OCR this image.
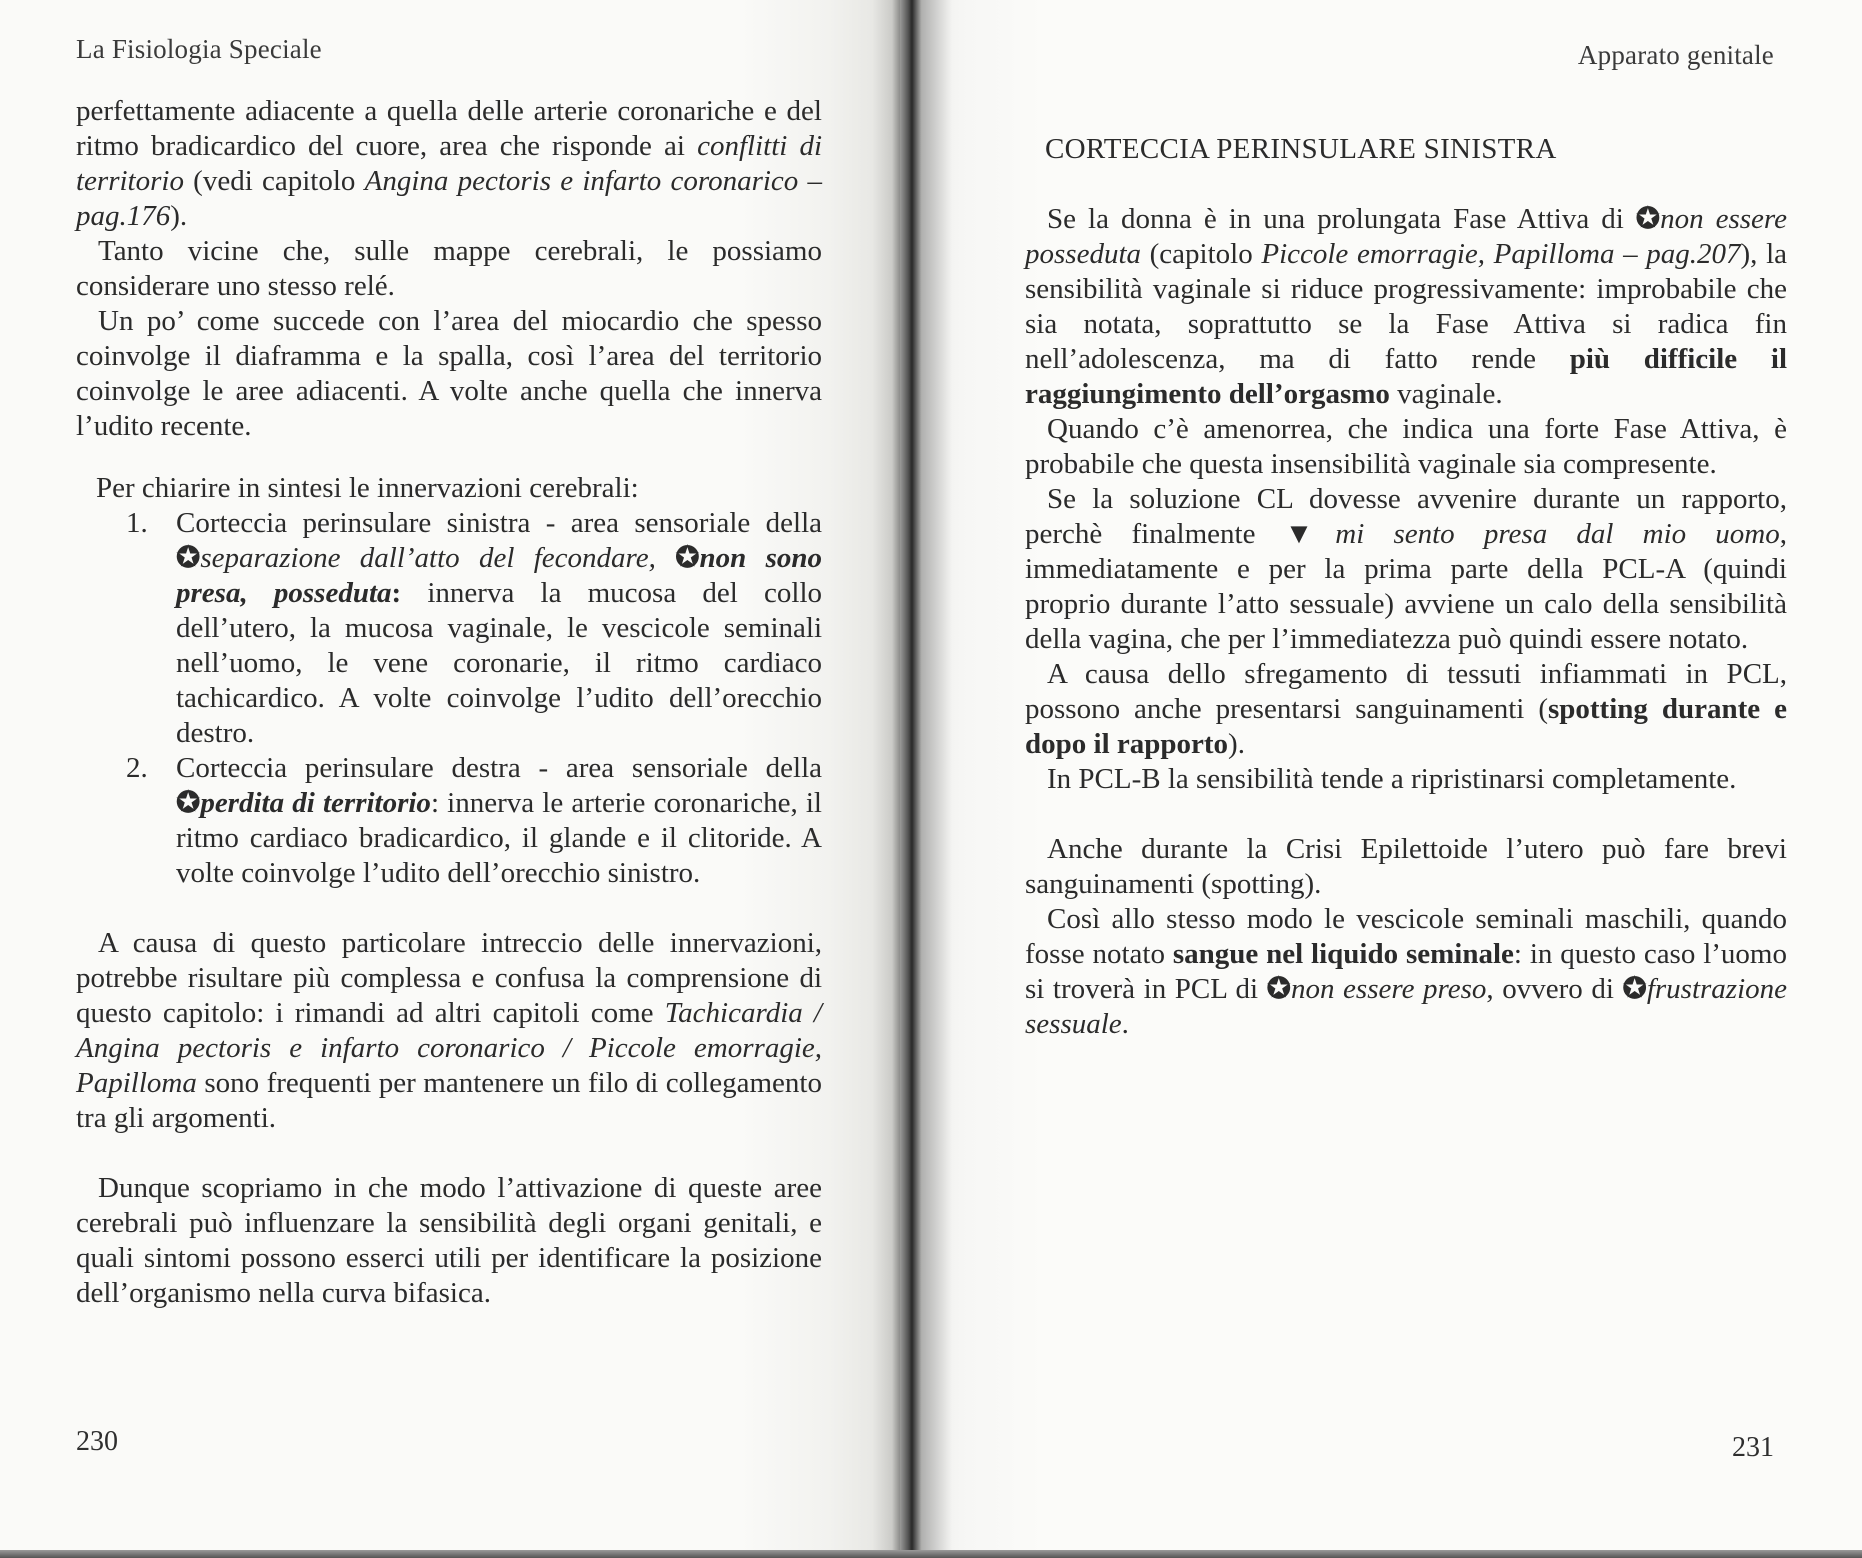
La Fisiologia Speciale

perfettamente adiacente a quella delle arterie coronariche e del ritmo bradicardico del cuore, area che risponde ai conflitti di territorio (vedi capitolo Angina pectoris e infarto coronarico – pag.176).

Tanto vicine che, sulle mappe cerebrali, le possiamo considerare uno stesso relé.

Un po’ come succede con l’area del miocardio che spesso coinvolge il diaframma e la spalla, così l’area del territorio coinvolge le aree adiacenti. A volte anche quella che innerva l’udito recente.

Per chiarire in sintesi le innervazioni cerebrali:

1. Corteccia perinsulare sinistra - area sensoriale della ✪separazione dall’atto del fecondare, ✪non sono presa, posseduta: innerva la mucosa del collo dell’utero, la mucosa vaginale, le vescicole seminali nell’uomo, le vene coronarie, il ritmo cardiaco tachicardico. A volte coinvolge l’udito dell’orecchio destro.
2. Corteccia perinsulare destra - area sensoriale della ✪perdita di territorio: innerva le arterie coronariche, il ritmo cardiaco bradicardico, il glande e il clitoride. A volte coinvolge l’udito dell’orecchio sinistro.

A causa di questo particolare intreccio delle innervazioni, potrebbe risultare più complessa e confusa la comprensione di questo capitolo: i rimandi ad altri capitoli come Tachicardia / Angina pectoris e infarto coronarico / Piccole emorragie, Papilloma sono frequenti per mantenere un filo di collegamento tra gli argomenti.

Dunque scopriamo in che modo l’attivazione di queste aree cerebrali può influenzare la sensibilità degli organi genitali, e quali sintomi possono esserci utili per identificare la posizione dell’organismo nella curva bifasica.

230
Apparato genitale
CORTECCIA PERINSULARE SINISTRA

Se la donna è in una prolungata Fase Attiva di ✪non essere posseduta (capitolo Piccole emorragie, Papilloma – pag.207), la sensibilità vaginale si riduce progressivamente: improbabile che sia notata, soprattutto se la Fase Attiva si radica fin nell’adolescenza, ma di fatto rende più difficile il raggiungimento dell’orgasmo vaginale.

Quando c’è amenorrea, che indica una forte Fase Attiva, è probabile che questa insensibilità vaginale sia compresente.

Se la soluzione CL dovesse avvenire durante un rapporto, perchè finalmente ▼mi sento presa dal mio uomo, immediatamente e per la prima parte della PCL-A (quindi proprio durante l’atto sessuale) avviene un calo della sensibilità della vagina, che per l’immediatezza può quindi essere notato.

A causa dello sfregamento di tessuti infiammati in PCL, possono anche presentarsi sanguinamenti (spotting durante e dopo il rapporto).

In PCL-B la sensibilità tende a ripristinarsi completamente.

Anche durante la Crisi Epilettoide l’utero può fare brevi sanguinamenti (spotting).

Così allo stesso modo le vescicole seminali maschili, quando fosse notato sangue nel liquido seminale: in questo caso l’uomo si troverà in PCL di ✪non essere preso, ovvero di ✪frustrazione sessuale.

231
